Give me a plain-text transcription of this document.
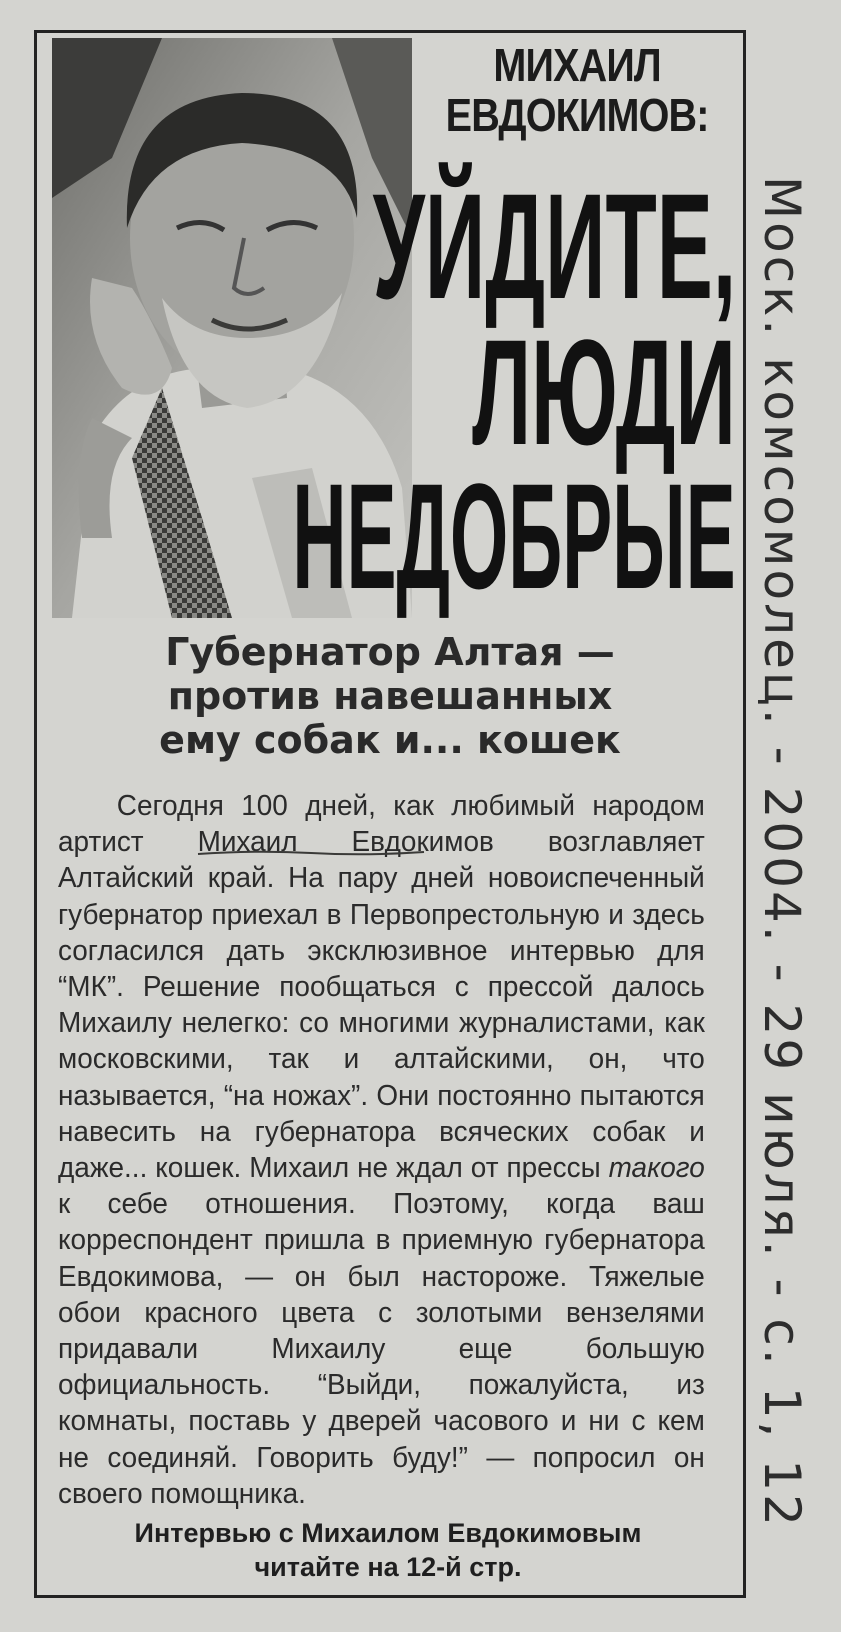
МИХАИЛ
ЕВДОКИМОВ:
УЙДИТЕ,
ЛЮДИ
НЕДОБРЫЕ
Губернатор Алтая —
против навешанных
ему собак и... кошек
Сегодня 100 дней, как любимый народом артист Михаил Евдокимов возглавляет Алтайский край. На пару дней новоиспеченный губернатор приехал в Первопрестольную и здесь согласился дать эксклюзивное интервью для “МК”. Решение пообщаться с прессой далось Михаилу нелегко: со многими журналистами, как московскими, так и алтайскими, он, что называется, “на ножах”. Они постоянно пытаются навесить на губернатора всяческих собак и даже... кошек. Михаил не ждал от прессы такого к себе отношения. Поэтому, когда ваш корреспондент пришла в приемную губернатора Евдокимова, — он был настороже. Тяжелые обои красного цвета с золотыми вензелями придавали Михаилу еще большую официальность. “Выйди, пожалуйста, из комнаты, поставь у дверей часового и ни с кем не соединяй. Говорить буду!” — попросил он своего помощника.
Интервью с Михаилом Евдокимовым
читайте на 12-й стр.
Моск. комсомолец. - 2004. - 29 июля. - с. 1, 12
